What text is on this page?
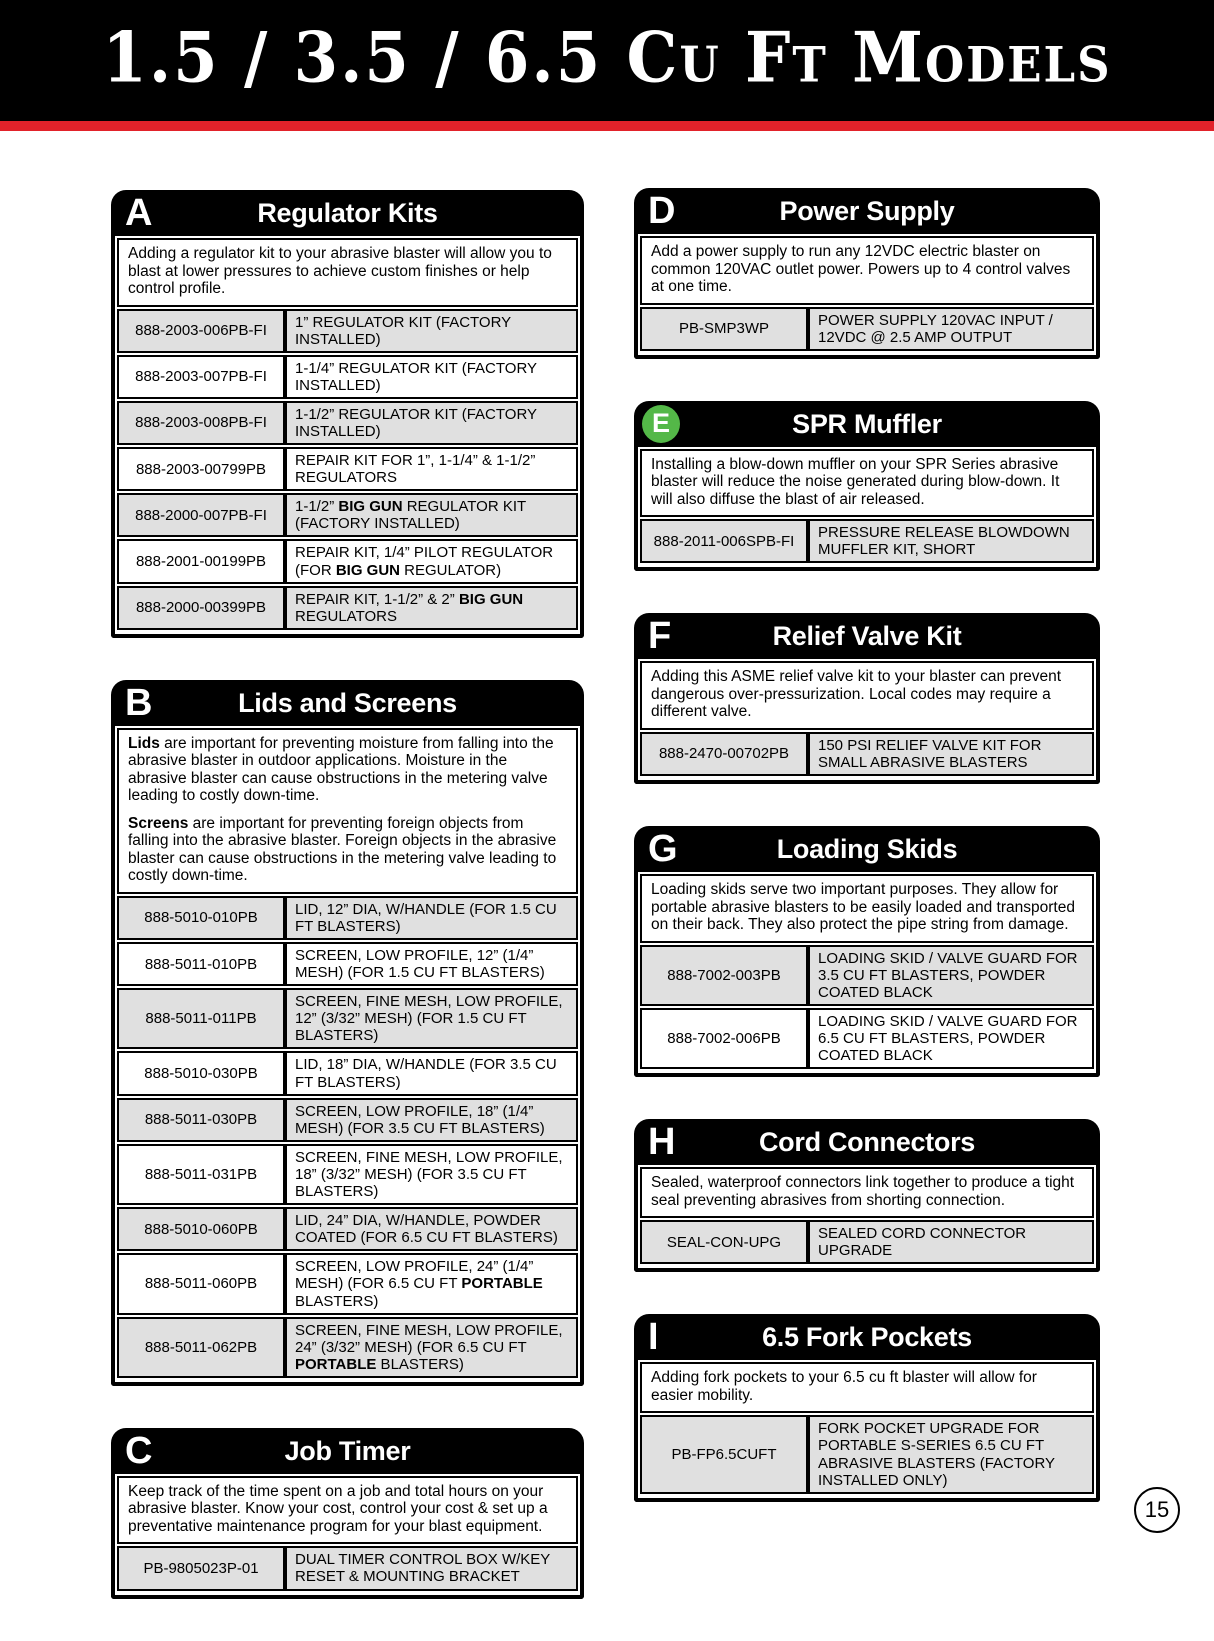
1.5 / 3.5 / 6.5 Cu Ft Models
A	Regulator Kits

Adding a regulator kit to your abrasive blaster will allow you to blast at lower pressures to achieve custom finishes or help control profile.

888-2003-006PB-FI	1” REGULATOR KIT (FACTORY INSTALLED)
888-2003-007PB-FI	1-1/4” REGULATOR KIT (FACTORY INSTALLED)
888-2003-008PB-FI	1-1/2” REGULATOR KIT (FACTORY INSTALLED)
888-2003-00799PB	REPAIR KIT FOR 1”, 1-1/4” & 1-1/2” REGULATORS
888-2000-007PB-FI	1-1/2” BIG GUN REGULATOR KIT (FACTORY INSTALLED)
888-2001-00199PB	REPAIR KIT, 1/4” PILOT REGULATOR (FOR BIG GUN REGULATOR)
888-2000-00399PB	REPAIR KIT, 1-1/2” & 2” BIG GUN REGULATORS
B	Lids and Screens

Lids are important for preventing moisture from falling into the abrasive blaster in outdoor applications. Moisture in the abrasive blaster can cause obstructions in the metering valve leading to costly down-time.

Screens are important for preventing foreign objects from falling into the abrasive blaster. Foreign objects in the abrasive blaster can cause obstructions in the metering valve leading to costly down-time.

888-5010-010PB	LID, 12” DIA, W/HANDLE (FOR 1.5 CU FT BLASTERS)
888-5011-010PB	SCREEN, LOW PROFILE, 12” (1/4” MESH) (FOR 1.5 CU FT BLASTERS)
888-5011-011PB	SCREEN, FINE MESH, LOW PROFILE, 12” (3/32” MESH) (FOR 1.5 CU FT BLASTERS)
888-5010-030PB	LID, 18” DIA, W/HANDLE (FOR 3.5 CU FT BLASTERS)
888-5011-030PB	SCREEN, LOW PROFILE, 18” (1/4” MESH) (FOR 3.5 CU FT BLASTERS)
888-5011-031PB	SCREEN, FINE MESH, LOW PROFILE, 18” (3/32” MESH) (FOR 3.5 CU FT BLASTERS)
888-5010-060PB	LID, 24” DIA, W/HANDLE, POWDER COATED (FOR 6.5 CU FT BLASTERS)
888-5011-060PB	SCREEN, LOW PROFILE, 24” (1/4” MESH) (FOR 6.5 CU FT PORTABLE BLASTERS)
888-5011-062PB	SCREEN, FINE MESH, LOW PROFILE, 24” (3/32” MESH) (FOR 6.5 CU FT PORTABLE BLASTERS)
C	Job Timer

Keep track of the time spent on a job and total hours on your abrasive blaster. Know your cost, control your cost & set up a preventative maintenance program for your blast equipment.

PB-9805023P-01	DUAL TIMER CONTROL BOX W/KEY RESET & MOUNTING BRACKET
D	Power Supply

Add a power supply to run any 12VDC electric blaster on common 120VAC outlet power. Powers up to 4 control valves at one time.

PB-SMP3WP	POWER SUPPLY 120VAC INPUT / 12VDC @ 2.5 AMP OUTPUT
E	SPR Muffler

Installing a blow-down muffler on your SPR Series abrasive blaster will reduce the noise generated during blow-down. It will also diffuse the blast of air released.

888-2011-006SPB-FI	PRESSURE RELEASE BLOWDOWN MUFFLER KIT, SHORT
F	Relief Valve Kit

Adding this ASME relief valve kit to your blaster can prevent dangerous over-pressurization. Local codes may require a different valve.

888-2470-00702PB	150 PSI RELIEF VALVE KIT FOR SMALL ABRASIVE BLASTERS
G	Loading Skids

Loading skids serve two important purposes. They allow for portable abrasive blasters to be easily loaded and transported on their back. They also protect the pipe string from damage.

888-7002-003PB	LOADING SKID / VALVE GUARD FOR 3.5 CU FT BLASTERS, POWDER COATED BLACK
888-7002-006PB	LOADING SKID / VALVE GUARD FOR 6.5 CU FT BLASTERS, POWDER COATED BLACK
H	Cord Connectors

Sealed, waterproof connectors link together to produce a tight seal preventing abrasives from shorting connection.

SEAL-CON-UPG	SEALED CORD CONNECTOR UPGRADE
I	6.5 Fork Pockets

Adding fork pockets to your 6.5 cu ft blaster will allow for easier mobility.

PB-FP6.5CUFT	FORK POCKET UPGRADE FOR PORTABLE S-SERIES 6.5 CU FT ABRASIVE BLASTERS (FACTORY INSTALLED ONLY)
15
